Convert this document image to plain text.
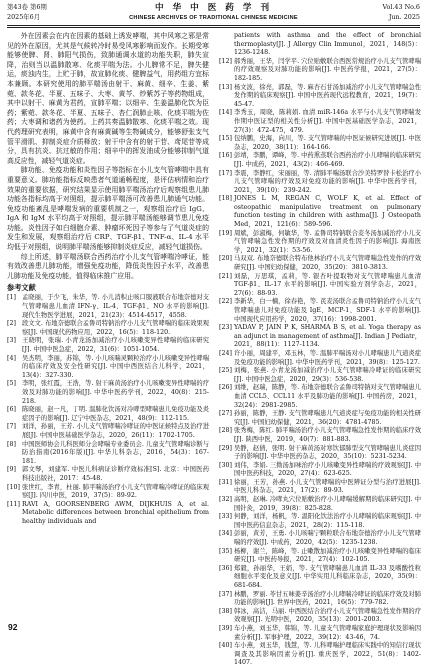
第43卷 第6期
2025年6月
中 华 中 医 药 学 刊
CHINESE ARCHIVES OF TRADITIONAL CHINESE MEDICINE
Vol.43 No.6
Jun. 2025

外在因素会在内在因素的基础上诱发哮喘，其中风寒之邪是常见的外在原因，尤其是气候转冷时易受风寒影响而发作。长期受寒能够使脾、肾、肺阳气损伤，致肺通调水道的功能失职，肺失宣降，治则当以温肺散寒、化痰平喘为法。小儿脾常不足，脾失健运，痰浊内生，上贮于肺，故宣肺化痰、健脾益气，用药组方宜标本兼顾。本研究使用的肺平喘汤由射干、麻黄、细辛、生姜、紫菀、款冬花、半夏、五味子、大枣、黄芩、炒紫苏子等药物组成，其中以射干、麻黄为君药，宣肺平喘；以细辛、生姜温肺化饮为臣药；紫菀、款冬花、半夏、五味子、杏仁润肺止咳、化痰平喘为佐药；大枣调和诸药为使药。上药共奏温肺散寒、化痰平喘之效。现代药理研究表明，麻黄中含有麻黄碱等生物碱成分，能够舒张支气管平滑肌、抑制炎症介质释放；射干中含有的射干苷、鸢尾苷等成分，具有抗炎、抗过敏的作用；细辛中的挥发油成分能够抑制气道高反应性，减轻气道炎症。

肺功能、免疫功能和炎性因子等指标在小儿支气管哮喘中具有重要意义。肺功能指标反映患者气道通畅程度，是评估病情和治疗效果的重要依据，研究结果显示使用肺平喘汤治疗后观察组患儿肺功能各指标均高于对照组，提示肺平喘汤可改善患儿肺通气功能。免疫功能紊乱是哮喘发病的重要机制之一，观察组治疗后 IgG、IgA 和 IgM 水平均高于对照组，提示肺平喘汤能够调节患儿免疫功能。炎性因子如白细胞介素、肿瘤坏死因子等参与了气道炎症的发生和发展，观察组治疗后 CRP、TGF-β1、TNF-α、IL-4 水平均低于对照组，说明肺平喘汤能够抑制炎症反应，减轻气道损伤。

综上所述，肺平喘汤联合西药治疗小儿支气管哮喘冷哮证，能有效改善患儿肺功能，增强免疫功能，降低炎性因子水平，改善患儿肺功能及免疫功能，值得临床推广应用。

参考文献
[1] 孟晓丽，于少飞，朱华，等. 小儿消积止咳口服液联合布地奈德对支气管哮喘患儿血清 IFN-γ、IL-4、TGF-β1、NO 水平的影响[J]. 现代生物医学进展，2021，21(23)：4514-4517，4558.
[2] 段文文. 布地奈德联合孟鲁司特钠治疗小儿支气管哮喘的临床效果观察[J]. 中国现代药物应用，2022，16(5)：118-120.
[3] 王晓明，张瑞. 小青龙汤加减治疗小儿咳嗽变异性哮喘的临床研究[J]. 中国中医急症，2022，31(6)：1051-1054.
[4] 吴杰明，李丽，苏锦，等. 小儿咳喘灵颗粒治疗小儿咳嗽变异性哮喘的临床疗效及安全性研究[J]. 中国中西医结合儿科学，2021，13(4)：327-330.
[5] 李明，张红霞，王浩，等. 射干麻黄汤治疗小儿咳嗽变异性哮喘的疗效及对肺功能的影响[J]. 中华中医药学刊，2022，40(8)：215-218.
[6] 陈晓丽，赵一凡，丁明. 温肺化饮汤对冷哮型哮喘患儿免疫功能及炎症因子的影响[J]. 辽宁中医杂志，2021，48(9)：112-115.
[7] 刘洋，孙丽，王芳. 小儿支气管哮喘冷哮证的中医证候特点及治疗进展[J]. 中国中医基础医学杂志，2020，26(11)：1702-1705.
[8] 中国医师协会儿科医师分会哮喘专业委员会. 儿童支气管哮喘诊断与防治指南(2016年版)[J]. 中华儿科杂志，2016，54(3)：167-181.
[9] 郭文琴，刘建军. 中医儿科病证诊断疗效标准[S]. 北京：中国医药科技出版社，2017：45-48.
[10] 张世红，李青，杜丽. 肺平喘汤治疗小儿支气管哮喘冷哮证的临床观察[J]. 四川中医，2019，37(5)：89-92.
[11] RAVI A, GOORSENBERG AWM, DIJKHUIS A, et al. Metabolic differences between bronchial epithelium from healthy individuals and
patients with asthma and the effect of bronchial thermoplasty[J]. J Allergy Clin Immunol，2021，148(5)：1236-1248.
[12] 郝秀丽，王华，闫学平. 穴位贴敷联合西医常规治疗小儿支气管哮喘的疗效观察及对肺功能的影响[J]. 中医药学报，2021，27(5)：182-185.
[13] 杨文波，徐亮，郭磊，等. 麻杏石甘汤加减治疗小儿支气管哮喘急性发作期的临床观察[J]. 中国中医药现代远程教育，2021，19(7)：45-47.
[14] 李秀玉，周晓，陈莉娟. 血清 miR-146a 水平与小儿支气管哮喘发作期中医证型的相关性分析[J]. 中国中医基础医学杂志，2021，27(3)：472-475，479.
[15] 包纳鹏，史海，向川，等. 支气管哮喘的中医证候研究进展[J]. 中医杂志，2020，38(11)：164-166.
[16] 彭靖，李鹏，谭峰，等. 中药熏蒸联合西药治疗小儿哮喘的临床研究[J]. 中成药，2021，43(2)：466-469.
[17] 李震，李静红，宋丽丽，等. 清肺平喘汤联合沙美特罗替卡松治疗小儿支气管哮喘的疗效及对免疫功能的影响[J]. 中华中医药学刊，2021，39(10)：239-242.
[18] JONES L M, REGAN C, WOLF K, et al. Effect of osteopathic manipulative treatment on pulmonary function testing in children with asthma[J]. J Osteopath Med，2021，121(6)：589-596.
[19] 周斌，彭淑梅，何敏华，等. 孟鲁司特钠联合麦冬汤加减治疗小儿支气管哮喘急性发作期的疗效及对血清炎性因子的影响[J]. 海南医学，2021，32(1)：53-56.
[20] 马双双. 布地奈德联合特布他林治疗小儿支气管哮喘急性发作的疗效研究[J]. 中国妇幼保健，2020，35(20)：3810-3813.
[21] 刘磊，万思琪，孟莉，等. 银杏叶提取物对支气管哮喘患儿血清 TGF-β1、IL-17 水平的影响[J]. 中国实验方剂学杂志，2021，27(6)：88-93.
[22] 李新华，白一楠，徐春艳，等. 芪麦汤联合孟鲁司特钠治疗小儿支气管哮喘患儿对免疫功能及 IgE、MCP-1、SDF-1 水平的影响[J]. 中国现代应用药学，2020，37(16)：1998-2001.
[23] YADAV P, JAIN P K, SHARMA B S, et al. Yoga therapy as an adjunct in management of asthma[J]. Indian J Pediatr，2021，88(11)：1127-1134.
[24] 许小丽，周建平，邓玉林，等. 温肺平喘汤对小儿哮喘患儿气道炎症及免疫功能的影响[J]. 中华中医药学刊，2021，39(8)：125-127.
[25] 刘梅，张燕. 小青龙汤加减治疗小儿支气管哮喘冷哮证的临床研究[J]. 中国中医急症，2020，29(3)：536-538.
[26] 刘维，赵瑞，陈静，等. 布地奈德联合孟鲁司特钠对支气管哮喘患儿血清 CCL5、CCL11 水平及肺功能的影响[J]. 中国药房，2021，32(24)：2981-2985.
[27] 孙丽，陈静，王静. 支气管哮喘患儿气道炎症与免疫功能的相关性研究[J]. 中国妇幼保健，2021，36(20)：4781-4785.
[28] 张秀梅，陈红. 肺平喘汤治疗小儿支气管哮喘急性发作期的临床疗效[J]. 陕西中医，2019，40(7)：881-883.
[29] 吴静，赵倩，张明. 射干麻黄汤对寒饮郁肺型支气管哮喘患儿炎症因子的影响[J]. 中华中医药杂志，2020，35(10)：5231-5234.
[30] 刘伟，李娟. 三拗汤加味治疗小儿咳嗽变异性哮喘的疗效观察[J]. 中国中医药科技，2020，27(4)：623-625.
[31] 徐丽，王芳，孙燕. 小儿支气管哮喘的中医辨证分型与治疗进展[J]. 中医儿科杂志，2021，17(2)：89-93.
[32] 高明，赵琳. 冷哮丸穴位贴敷治疗小儿哮喘缓解期的临床研究[J]. 中国针灸，2019，39(8)：825-828.
[33] 何静，刘洋，杨帆，等. 温阳化饮法治疗小儿哮喘的临床观察[J]. 中国中医药信息杂志，2021，28(2)：115-118.
[34] 彭丽，黄芳，王勇. 小儿咳喘宁颗粒联合布地奈德治疗小儿支气管哮喘的疗效[J]. 中成药，2020，42(5)：1235-1238.
[35] 杨柳，谢兰，陈峰，等. 止嗽散加减治疗小儿咳嗽变异性哮喘的临床研究[J]. 中医药导报，2021，27(4)：102-105.
[36] 郑毅，孙丽华，王娟，等. 支气管哮喘患儿血清 IL-33 及嗜酸性粒细胞水平变化及意义[J]. 中华实用儿科临床杂志，2020，35(9)：681-684.
[37] 林鹏，罗丽. 苓甘五味姜辛汤治疗小儿哮喘冷哮证的临床疗效及对肺功能的影响[J]. 世界中医药，2021，16(5)：779-782.
[38] 韩冰，高洁，马丽. 中西医结合治疗小儿支气管哮喘急性发作期的疗效观察[J]. 光明中医，2020，35(13)：2001-2003.
[39] 车小燕，刘玉华，韩锦，等. 儿童支气管哮喘家庭护理现状及影响因素分析[J]. 军事护理，2022，39(12)：43-46，74.
[40] 车小燕，刘玉华，钱慧，等. 儿科哮喘护理临床实践中的知信行现状调查及其影响因素分析[J]. 重庆医学，2022，51(8)：1402-1407.
92
